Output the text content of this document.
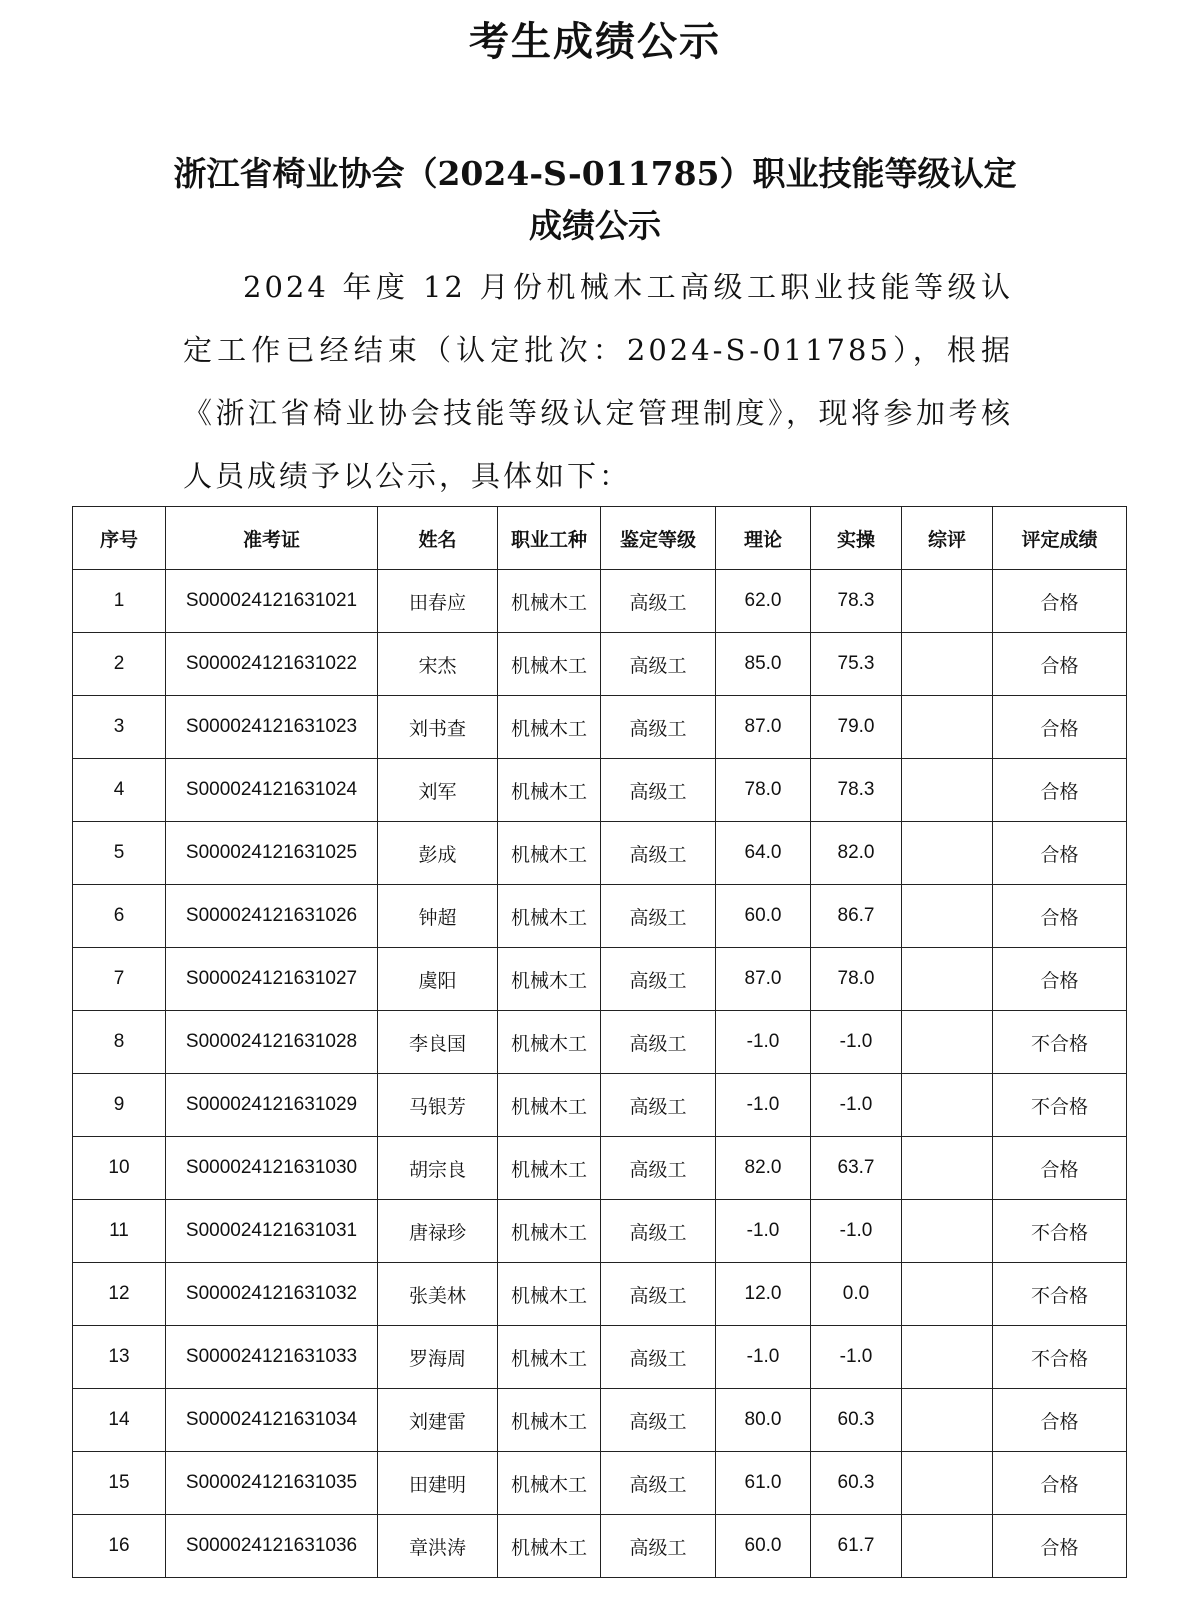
考生成绩公示
浙江省椅业协会（2024-S-011785）职业技能等级认定
成绩公示

2024 年度 12 月份机械木工高级工职业技能等级认定工作已经结束（认定批次：2024-S-011785），根据《浙江省椅业协会技能等级认定管理制度》，现将参加考核人员成绩予以公示，具体如下：

序号	准考证	姓名	职业工种	鉴定等级	理论	实操	综评	评定成绩
1	S000024121631021	田春应	机械木工	高级工	62.0	78.3		合格
2	S000024121631022	宋杰	机械木工	高级工	85.0	75.3		合格
3	S000024121631023	刘书查	机械木工	高级工	87.0	79.0		合格
4	S000024121631024	刘军	机械木工	高级工	78.0	78.3		合格
5	S000024121631025	彭成	机械木工	高级工	64.0	82.0		合格
6	S000024121631026	钟超	机械木工	高级工	60.0	86.7		合格
7	S000024121631027	虞阳	机械木工	高级工	87.0	78.0		合格
8	S000024121631028	李良国	机械木工	高级工	-1.0	-1.0		不合格
9	S000024121631029	马银芳	机械木工	高级工	-1.0	-1.0		不合格
10	S000024121631030	胡宗良	机械木工	高级工	82.0	63.7		合格
11	S000024121631031	唐禄珍	机械木工	高级工	-1.0	-1.0		不合格
12	S000024121631032	张美林	机械木工	高级工	12.0	0.0		不合格
13	S000024121631033	罗海周	机械木工	高级工	-1.0	-1.0		不合格
14	S000024121631034	刘建雷	机械木工	高级工	80.0	60.3		合格
15	S000024121631035	田建明	机械木工	高级工	61.0	60.3		合格
16	S000024121631036	章洪涛	机械木工	高级工	60.0	61.7		合格
